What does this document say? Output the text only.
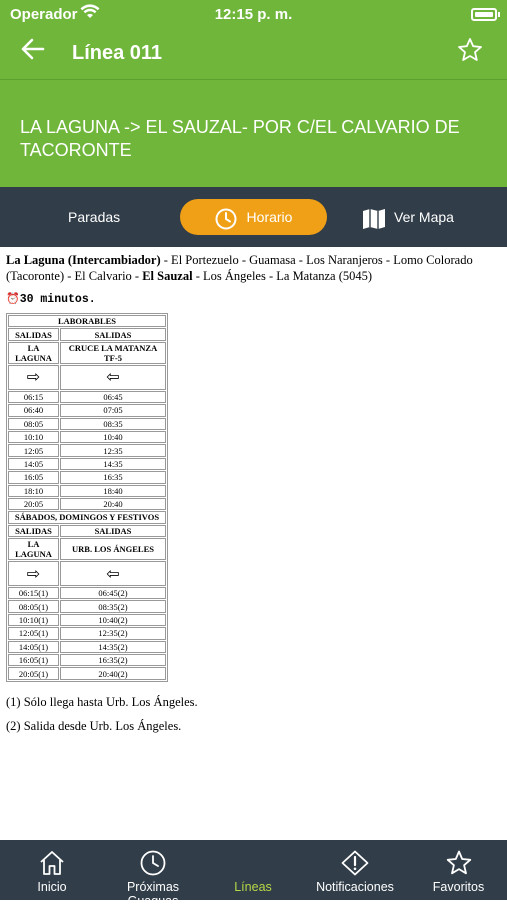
Operador	12:15 p. m.
Línea 011
LA LAGUNA -> EL SAUZAL- POR C/EL CALVARIO DE TACORONTE
Paradas	Horario	Ver Mapa
La Laguna (Intercambiador) - El Portezuelo - Guamasa - Los Naranjeros - Lomo Colorado (Tacoronte) - El Calvario - El Sauzal - Los Ángeles - La Matanza (5045)
⏰30 minutos.
LABORABLES	
SALIDAS	SALIDAS
LA LAGUNA	CRUCE LA MATANZA TF-5
⇨	⇦
06:15	06:45
06:40	07:05
08:05	08:35
10:10	10:40
12:05	12:35
14:05	14:35
16:05	16:35
18:10	18:40
20:05	20:40
SÁBADOS, DOMINGOS Y FESTIVOS	
SALIDAS	SALIDAS
LA LAGUNA	URB. LOS ÁNGELES
⇨	⇦
06:15(1)	06:45(2)
08:05(1)	08:35(2)
10:10(1)	10:40(2)
12:05(1)	12:35(2)
14:05(1)	14:35(2)
16:05(1)	16:35(2)
20:05(1)	20:40(2)
(1) Sólo llega hasta Urb. Los Ángeles.
(2) Salida desde Urb. Los Ángeles.
Inicio	Próximas Guaguas
Líneas	Notificaciones	Favoritos
